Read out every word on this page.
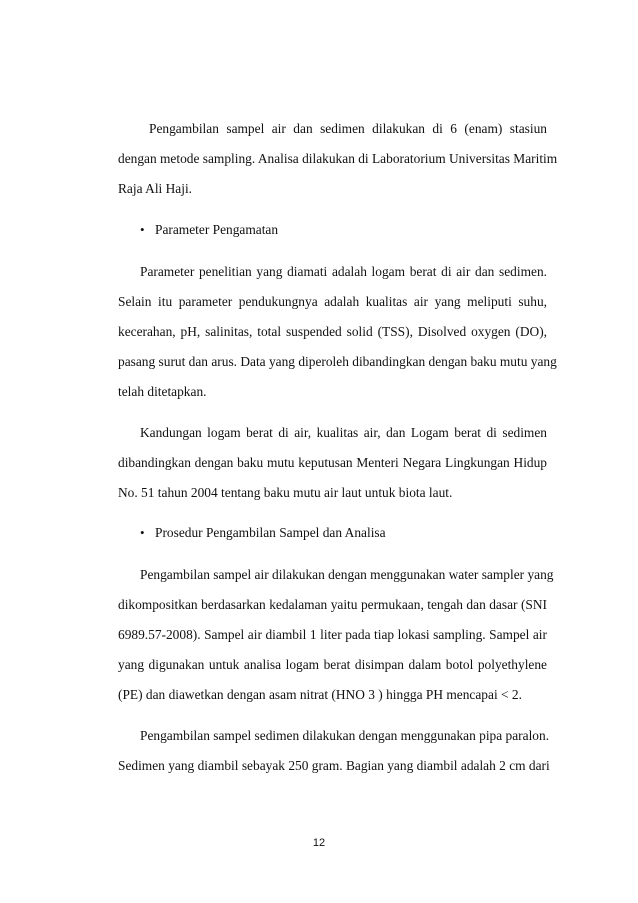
Pengambilan sampel air dan sedimen dilakukan di 6 (enam) stasiun
dengan metode sampling. Analisa dilakukan di Laboratorium Universitas Maritim
Raja Ali Haji.
• Parameter Pengamatan
Parameter penelitian yang diamati adalah logam berat di air dan sedimen.
Selain itu parameter pendukungnya adalah kualitas air yang meliputi suhu,
kecerahan, pH, salinitas, total suspended solid (TSS), Disolved oxygen (DO),
pasang surut dan arus. Data yang diperoleh dibandingkan dengan baku mutu yang
telah ditetapkan.
Kandungan logam berat di air, kualitas air, dan Logam berat di sedimen
dibandingkan dengan baku mutu keputusan Menteri Negara Lingkungan Hidup
No. 51 tahun 2004 tentang baku mutu air laut untuk biota laut.
• Prosedur Pengambilan Sampel dan Analisa
Pengambilan sampel air dilakukan dengan menggunakan water sampler yang
dikompositkan berdasarkan kedalaman yaitu permukaan, tengah dan dasar (SNI
6989.57-2008). Sampel air diambil 1 liter pada tiap lokasi sampling. Sampel air
yang digunakan untuk analisa logam berat disimpan dalam botol polyethylene
(PE) dan diawetkan dengan asam nitrat (HNO 3 ) hingga PH mencapai < 2.
Pengambilan sampel sedimen dilakukan dengan menggunakan pipa paralon.
Sedimen yang diambil sebayak 250 gram. Bagian yang diambil adalah 2 cm dari
12
